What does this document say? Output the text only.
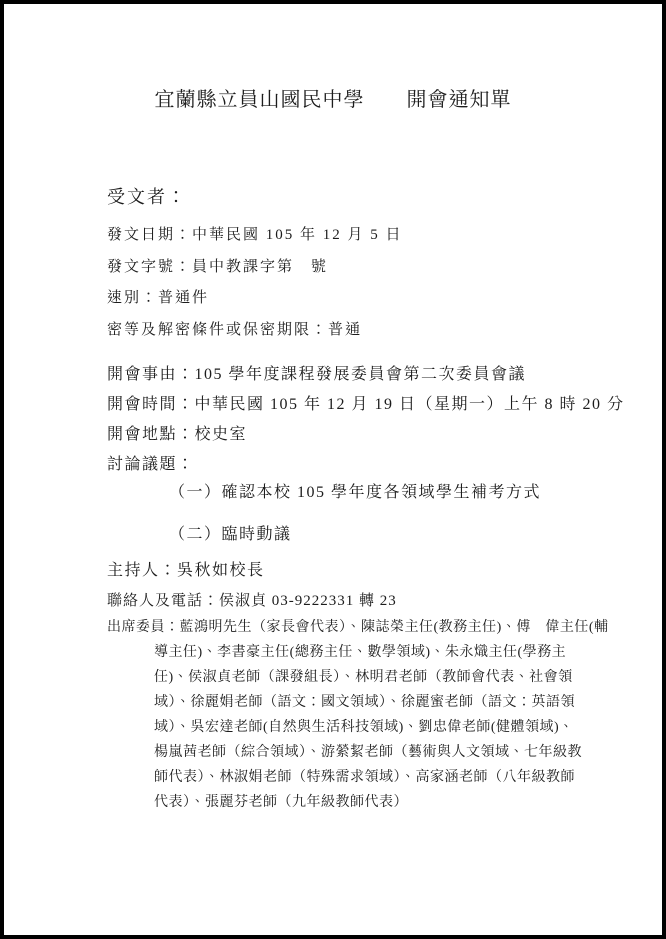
宜蘭縣立員山國民中學　　開會通知單
受文者：
發文日期：中華民國 105 年 12 月 5 日
發文字號：員中教課字第　號
速別：普通件
密等及解密條件或保密期限：普通
開會事由：105 學年度課程發展委員會第二次委員會議
開會時間：中華民國 105 年 12 月 19 日（星期一）上午 8 時 20 分
開會地點：校史室
討論議題：
（一）確認本校 105 學年度各領域學生補考方式
（二）臨時動議
主持人：吳秋如校長
聯絡人及電話：侯淑貞 03-9222331 轉 23
出席委員：藍鴻明先生（家長會代表）、陳誌榮主任(教務主任)、傅　偉主任(輔
導主任)、李書豪主任(總務主任、數學領域)、朱永熾主任(學務主
任)、侯淑貞老師（課發組長）、林明君老師（教師會代表、社會領
域）、徐麗娟老師（語文：國文領域）、徐麗蜜老師（語文：英語領
域）、吳宏達老師(自然與生活科技領域)、劉忠偉老師(健體領域)、
楊嵐茜老師（綜合領域）、游縈絜老師（藝術與人文領域、七年級教
師代表）、林淑娟老師（特殊需求領域）、高家涵老師（八年級教師
代表）、張麗芬老師（九年級教師代表）
